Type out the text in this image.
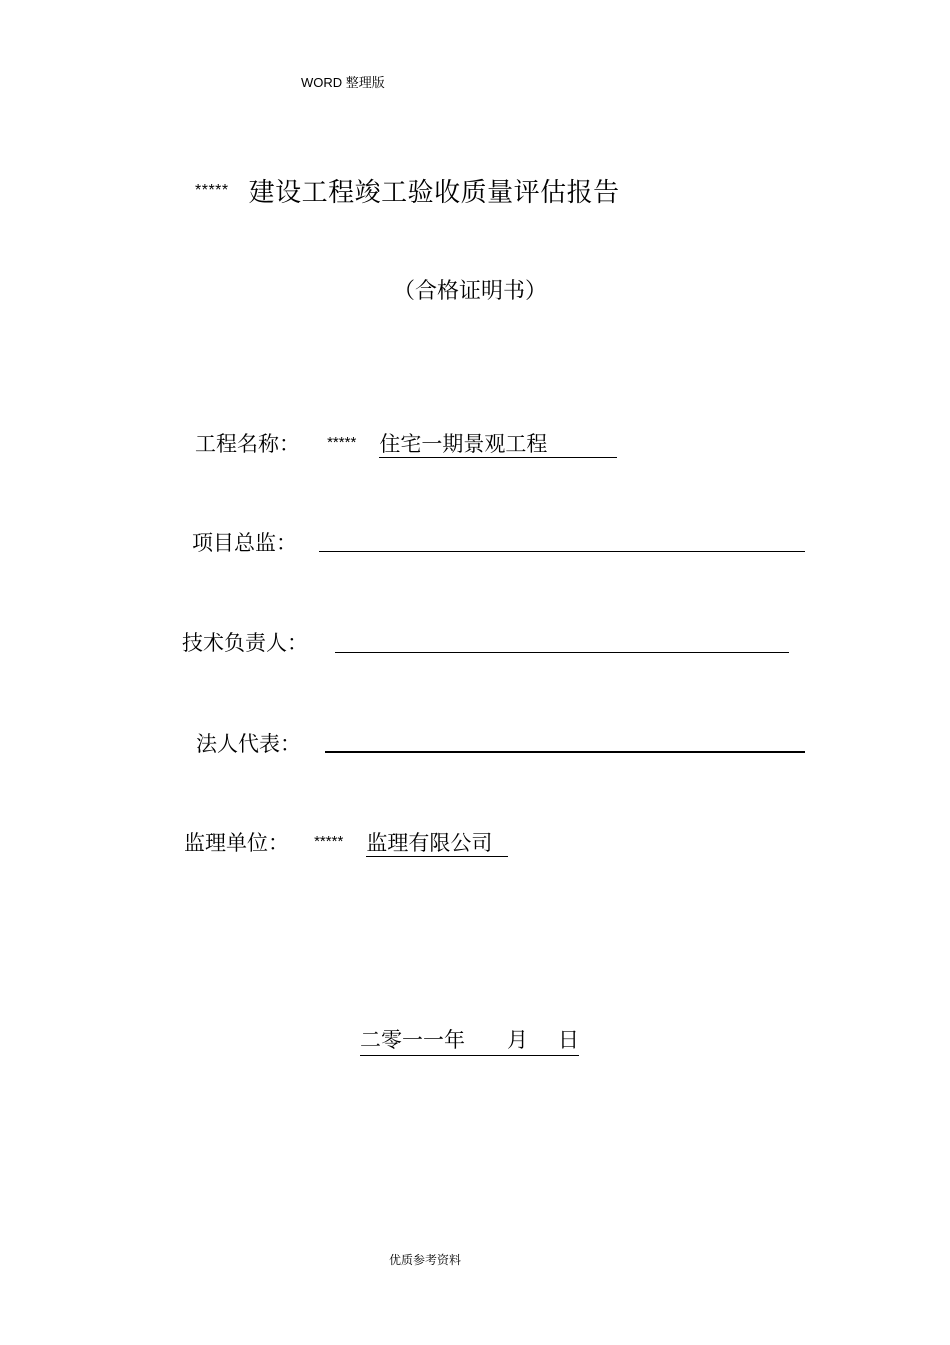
WORD 整理版
***** 建设工程竣工验收质量评估报告
（合格证明书）
工程名称： ***** 住宅一期景观工程
项目总监：
技术负责人：
法人代表：
监理单位： ***** 监理有限公司
二零一一年 月 日
优质参考资料
